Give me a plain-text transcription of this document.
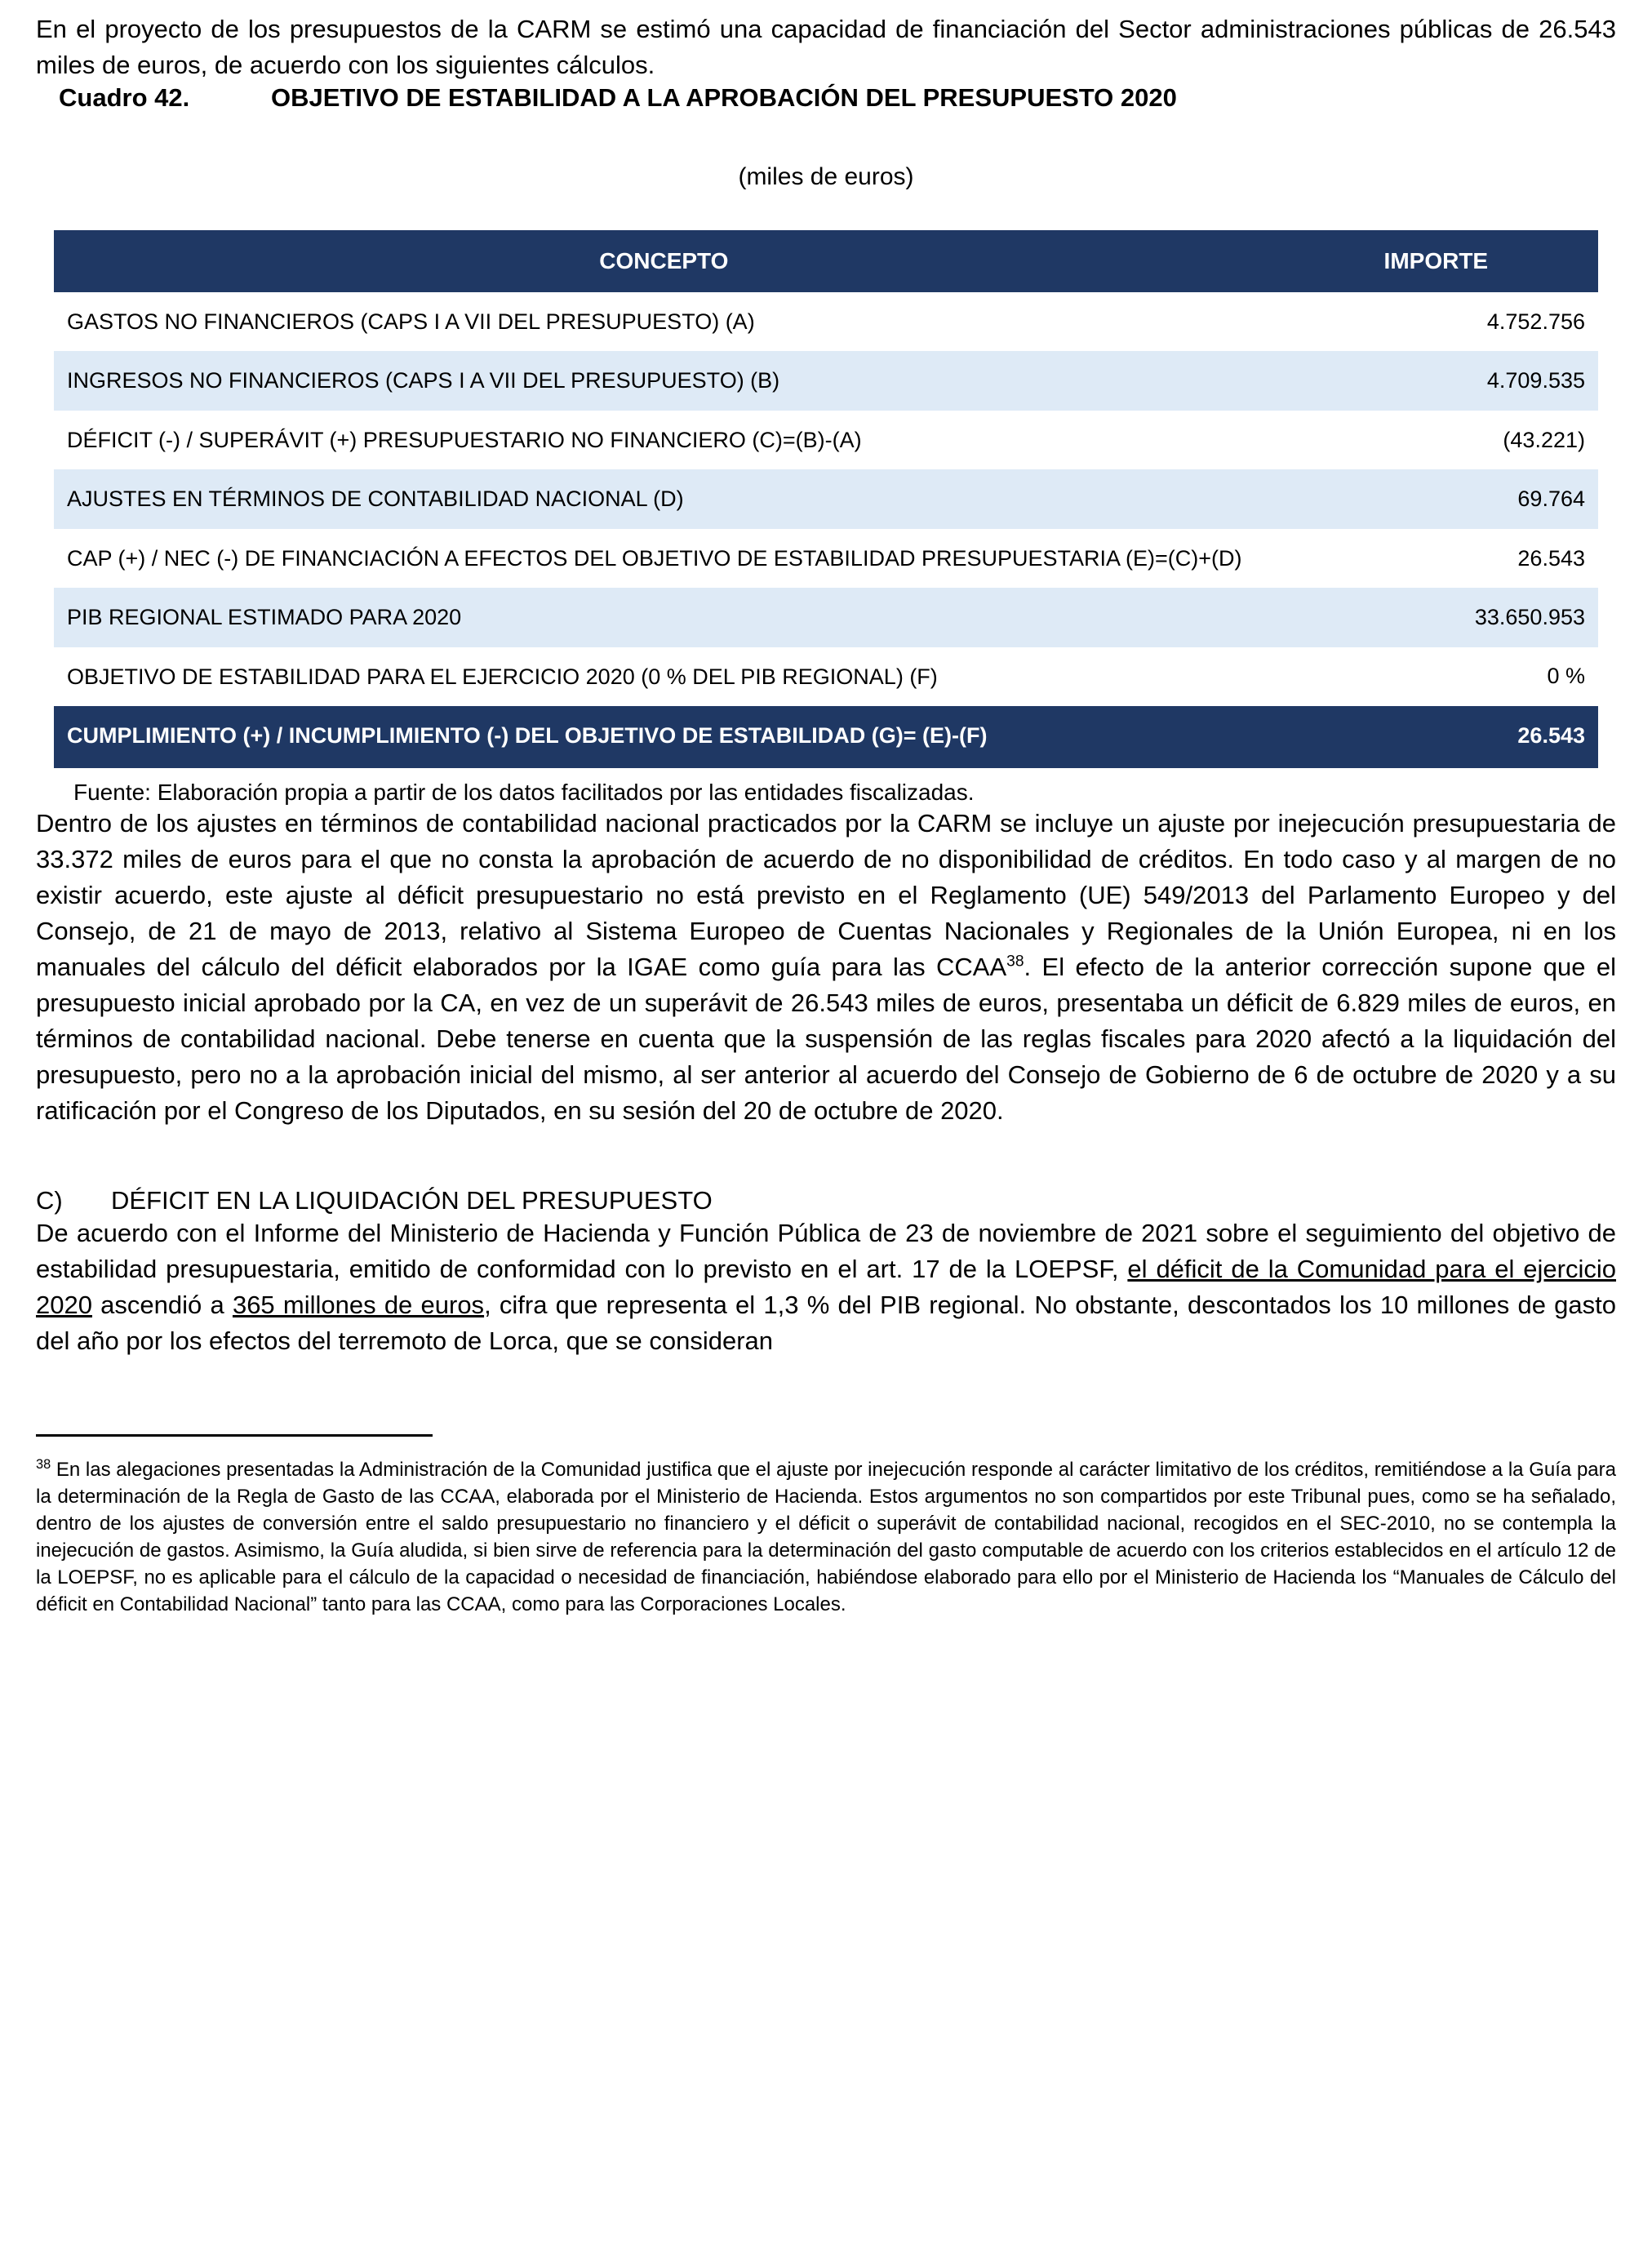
En el proyecto de los presupuestos de la CARM se estimó una capacidad de financiación del Sector administraciones públicas de 26.543 miles de euros, de acuerdo con los siguientes cálculos.

Cuadro 42.	OBJETIVO DE ESTABILIDAD A LA APROBACIÓN DEL PRESUPUESTO 2020
(miles de euros)
CONCEPTO	IMPORTE
GASTOS NO FINANCIEROS (CAPS I A VII DEL PRESUPUESTO) (A)	4.752.756
INGRESOS NO FINANCIEROS (CAPS I A VII DEL PRESUPUESTO) (B)	4.709.535
DÉFICIT (-) / SUPERÁVIT (+) PRESUPUESTARIO NO FINANCIERO (C)=(B)-(A)	(43.221)
AJUSTES EN TÉRMINOS DE CONTABILIDAD NACIONAL (D)	69.764
CAP (+) / NEC (-) DE FINANCIACIÓN A EFECTOS DEL OBJETIVO DE ESTABILIDAD PRESUPUESTARIA (E)=(C)+(D)	26.543
PIB REGIONAL ESTIMADO PARA 2020	33.650.953
OBJETIVO DE ESTABILIDAD PARA EL EJERCICIO 2020 (0 % DEL PIB REGIONAL) (F)	0 %
CUMPLIMIENTO (+) / INCUMPLIMIENTO (-) DEL OBJETIVO DE ESTABILIDAD (G)= (E)-(F)	26.543
Fuente: Elaboración propia a partir de los datos facilitados por las entidades fiscalizadas.

Dentro de los ajustes en términos de contabilidad nacional practicados por la CARM se incluye un ajuste por inejecución presupuestaria de 33.372 miles de euros para el que no consta la aprobación de acuerdo de no disponibilidad de créditos. En todo caso y al margen de no existir acuerdo, este ajuste al déficit presupuestario no está previsto en el Reglamento (UE) 549/2013 del Parlamento Europeo y del Consejo, de 21 de mayo de 2013, relativo al Sistema Europeo de Cuentas Nacionales y Regionales de la Unión Europea, ni en los manuales del cálculo del déficit elaborados por la IGAE como guía para las CCAA$^{38}$. El efecto de la anterior corrección supone que el presupuesto inicial aprobado por la CA, en vez de un superávit de 26.543 miles de euros, presentaba un déficit de 6.829 miles de euros, en términos de contabilidad nacional. Debe tenerse en cuenta que la suspensión de las reglas fiscales para 2020 afectó a la liquidación del presupuesto, pero no a la aprobación inicial del mismo, al ser anterior al acuerdo del Consejo de Gobierno de 6 de octubre de 2020 y a su ratificación por el Congreso de los Diputados, en su sesión del 20 de octubre de 2020.

C)	DÉFICIT EN LA LIQUIDACIÓN DEL PRESUPUESTO

De acuerdo con el Informe del Ministerio de Hacienda y Función Pública de 23 de noviembre de 2021 sobre el seguimiento del objetivo de estabilidad presupuestaria, emitido de conformidad con lo previsto en el art. 17 de la LOEPSF, el déficit de la Comunidad para el ejercicio 2020 ascendió a 365 millones de euros, cifra que representa el 1,3 % del PIB regional. No obstante, descontados los 10 millones de gasto del año por los efectos del terremoto de Lorca, que se consideran

$^{38}$ En las alegaciones presentadas la Administración de la Comunidad justifica que el ajuste por inejecución responde al carácter limitativo de los créditos, remitiéndose a la Guía para la determinación de la Regla de Gasto de las CCAA, elaborada por el Ministerio de Hacienda. Estos argumentos no son compartidos por este Tribunal pues, como se ha señalado, dentro de los ajustes de conversión entre el saldo presupuestario no financiero y el déficit o superávit de contabilidad nacional, recogidos en el SEC-2010, no se contempla la inejecución de gastos. Asimismo, la Guía aludida, si bien sirve de referencia para la determinación del gasto computable de acuerdo con los criterios establecidos en el artículo 12 de la LOEPSF, no es aplicable para el cálculo de la capacidad o necesidad de financiación, habiéndose elaborado para ello por el Ministerio de Hacienda los “Manuales de Cálculo del déficit en Contabilidad Nacional” tanto para las CCAA, como para las Corporaciones Locales.
